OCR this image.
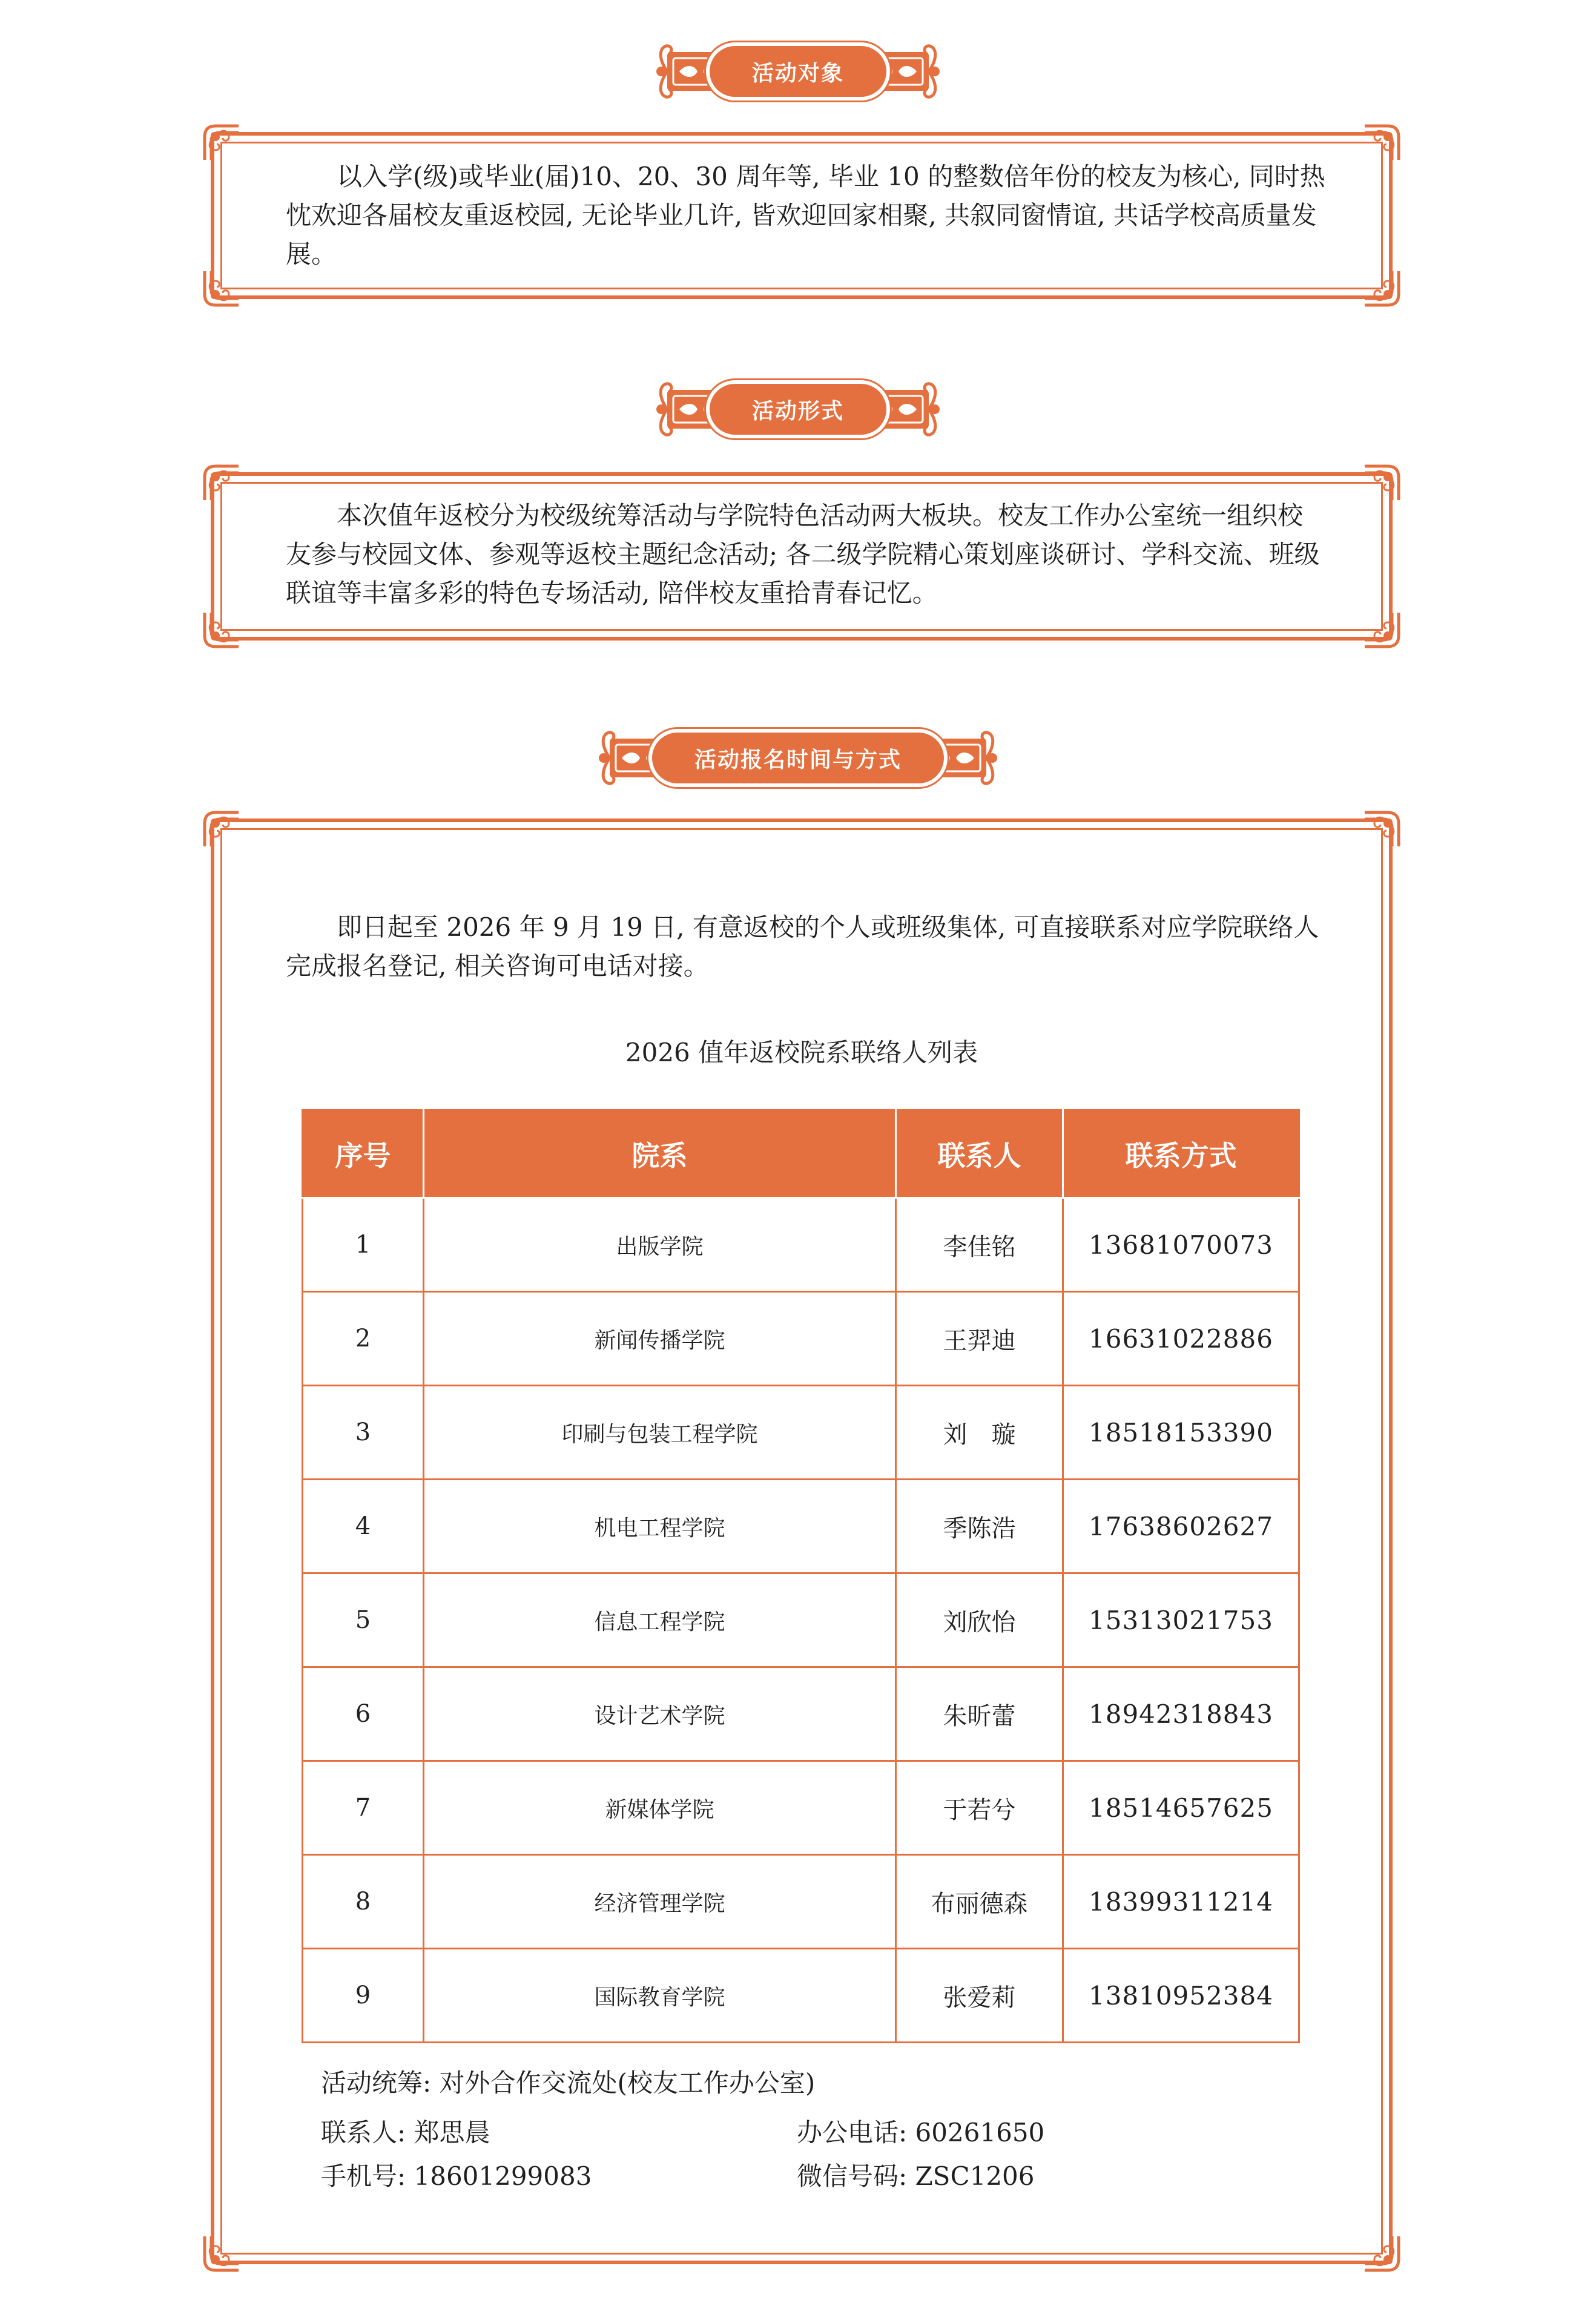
活动对象

以入学(级)或毕业(届)10、20、30 周年等, 毕业 10 的整数倍年份的校友为核心, 同时热忱欢迎各届校友重返校园, 无论毕业几许, 皆欢迎回家相聚, 共叙同窗情谊, 共话学校高质量发展。

活动形式

本次值年返校分为校级统筹活动与学院特色活动两大板块。校友工作办公室统一组织校友参与校园文体、参观等返校主题纪念活动; 各二级学院精心策划座谈研讨、学科交流、班级联谊等丰富多彩的特色专场活动, 陪伴校友重拾青春记忆。

活动报名时间与方式

即日起至 2026 年 9 月 19 日, 有意返校的个人或班级集体, 可直接联系对应学院联络人完成报名登记, 相关咨询可电话对接。

2026 值年返校院系联络人列表
序号	院系	联系人	联系方式
1	出版学院	李佳铭	13681070073
2	新闻传播学院	王羿迪	16631022886
3	印刷与包装工程学院	刘　璇	18518153390
4	机电工程学院	季陈浩	17638602627
5	信息工程学院	刘欣怡	15313021753
6	设计艺术学院	朱昕蕾	18942318843
7	新媒体学院	于若兮	18514657625
8	经济管理学院	布丽德森	18399311214
9	国际教育学院	张爱莉	13810952384
活动统筹: 对外合作交流处(校友工作办公室)
联系人: 郑思晨	办公电话: 60261650
手机号: 18601299083	微信号码: ZSC1206
